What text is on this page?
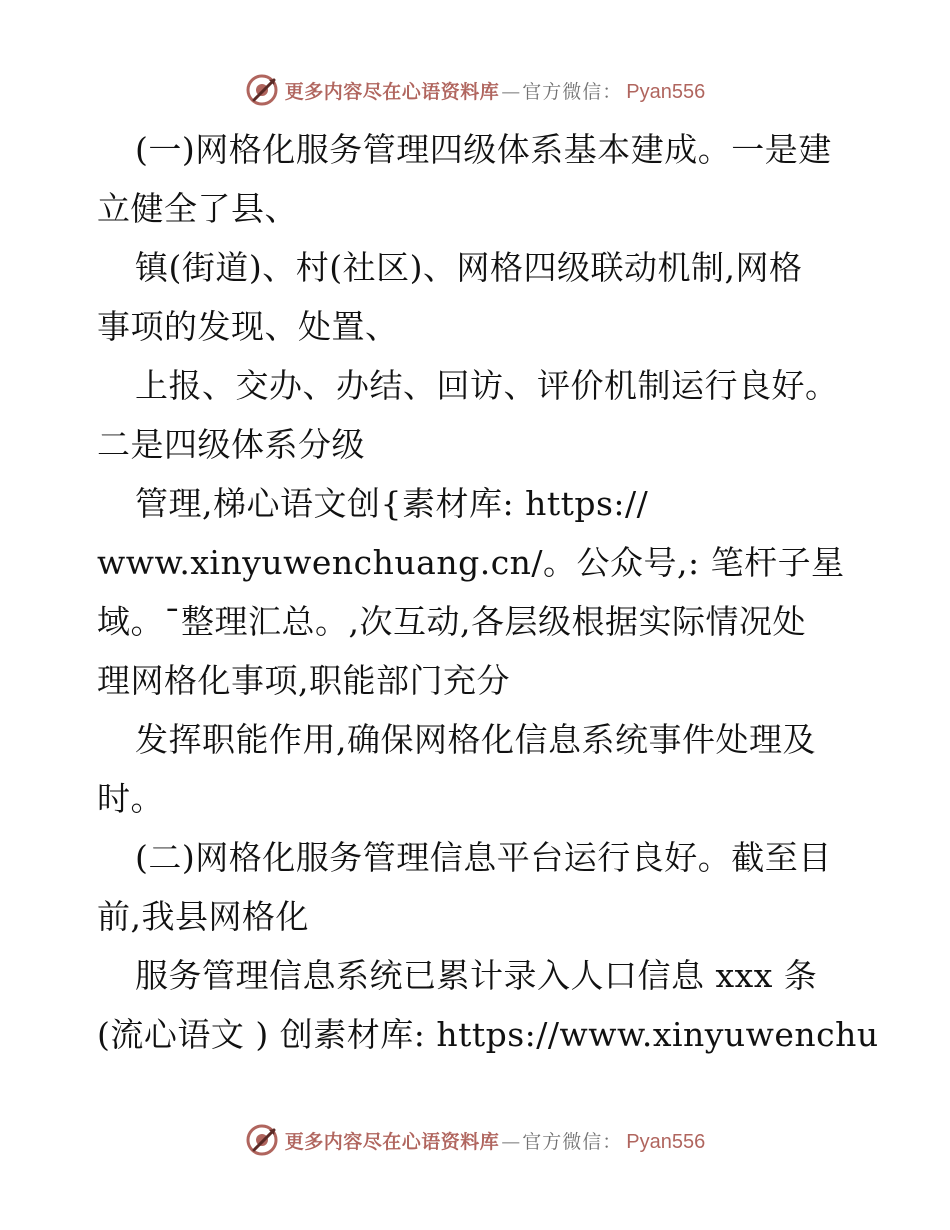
更多内容尽在心语资料库 — 官方微信： Pyan556
(一)网格化服务管理四级体系基本建成。一是建
立健全了县、
镇(街道)、村(社区)、网格四级联动机制,网格
事项的发现、处置、
上报、交办、办结、回访、评价机制运行良好。
二是四级体系分级
管理,梯心语文创{素材库: https://
www.xinyuwenchuang.cn/。公众号,: 笔杆子星
域。¯整理汇总。,次互动,各层级根据实际情况处
理网格化事项,职能部门充分
发挥职能作用,确保网格化信息系统事件处理及
时。
(二)网格化服务管理信息平台运行良好。截至目
前,我县网格化
服务管理信息系统已累计录入人口信息 xxx 条
(流心语文 ) 创素材库: https://www.xinyuwenchu
更多内容尽在心语资料库 — 官方微信： Pyan556
